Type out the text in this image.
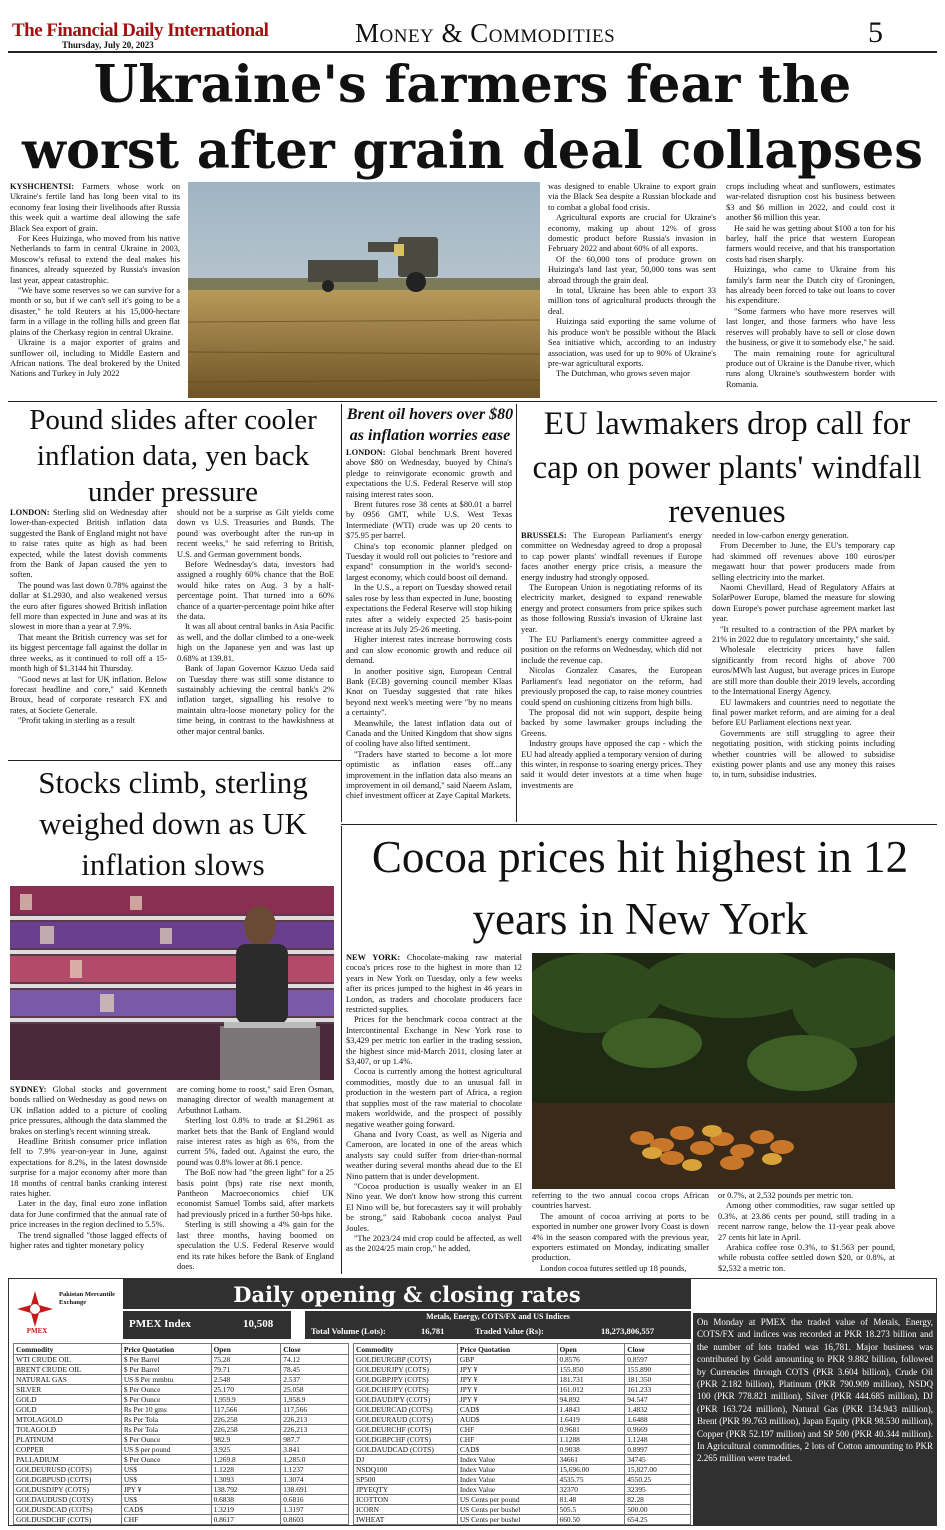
The Financial Daily International
Thursday, July 20, 2023	Money & Commodities	5
Ukraine's farmers fear the worst after grain deal collapses

KYSHCHENTSI: Farmers whose work on Ukraine's fertile land has long been vital to its economy fear losing their livelihoods after Russia this week quit a wartime deal allowing the safe Black Sea export of grain.

For Kees Huizinga, who moved from his native Netherlands to farm in central Ukraine in 2003, Moscow's refusal to extend the deal makes his finances, already squeezed by Russia's invasion last year, appear catastrophic.

"We have some reserves so we can survive for a month or so, but if we can't sell it's going to be a disaster," he told Reuters at his 15,000-hectare farm in a village in the rolling hills and green flat plains of the Cherkasy region in central Ukraine.

Ukraine is a major exporter of grains and sunflower oil, including to Middle Eastern and African nations. The deal brokered by the United Nations and Turkey in July 2022

was designed to enable Ukraine to export grain via the Black Sea despite a Russian blockade and to combat a global food crisis.

Agricultural exports are crucial for Ukraine's economy, making up about 12% of gross domestic product before Russia's invasion in February 2022 and about 60% of all exports.

Of the 60,000 tons of produce grown on Huizinga's land last year, 50,000 tons was sent abroad through the grain deal.

In total, Ukraine has been able to export 33 million tons of agricultural products through the deal.

Huizinga said exporting the same volume of his produce won't be possible without the Black Sea initiative which, according to an industry association, was used for up to 90% of Ukraine's pre-war agricultural exports.

The Dutchman, who grows seven major

crops including wheat and sunflowers, estimates war-related disruption cost his business between $3 and $6 million in 2022, and could cost it another $6 million this year.

He said he was getting about $100 a ton for his barley, half the price that western European farmers would receive, and that his transportation costs had risen sharply.

Huizinga, who came to Ukraine from his family's farm near the Dutch city of Groningen, has already been forced to take out loans to cover his expenditure.

"Some farmers who have more reserves will last longer, and those farmers who have less reserves will probably have to sell or close down the business, or give it to somebody else," he said.

The main remaining route for agricultural produce out of Ukraine is the Danube river, which runs along Ukraine's southwestern border with Romania.

Pound slides after cooler inflation data, yen back under pressure

LONDON: Sterling slid on Wednesday after lower-than-expected British inflation data suggested the Bank of England might not have to raise rates quite as high as had been expected, while the latest dovish comments from the Bank of Japan caused the yen to soften.

The pound was last down 0.78% against the dollar at $1.2930, and also weakened versus the euro after figures showed British inflation fell more than expected in June and was at its slowest in more than a year at 7.9%.

That meant the British currency was set for its biggest percentage fall against the dollar in three weeks, as it continued to roll off a 15-month high of $1.3144 hit Thursday.

"Good news at last for UK inflation. Below forecast headline and core," said Kenneth Broux, head of corporate research FX and rates, at Societe Generale.

"Profit taking in sterling as a result

should not be a surprise as Gilt yields come down vs U.S. Treasuries and Bunds. The pound was overbought after the run-up in recent weeks," he said referring to British, U.S. and German government bonds.

Before Wednesday's data, investors had assigned a roughly 60% chance that the BoE would hike rates on Aug. 3 by a half-percentage point. That turned into a 60% chance of a quarter-percentage point hike after the data.

It was all about central banks in Asia Pacific as well, and the dollar climbed to a one-week high on the Japanese yen and was last up 0.68% at 139.81.

Bank of Japan Governor Kazuo Ueda said on Tuesday there was still some distance to sustainably achieving the central bank's 2% inflation target, signalling his resolve to maintain ultra-loose monetary policy for the time being, in contrast to the hawkishness at other major central banks.

Brent oil hovers over $80 as inflation worries ease

LONDON: Global benchmark Brent hovered above $80 on Wednesday, buoyed by China's pledge to reinvigorate economic growth and expectations the U.S. Federal Reserve will stop raising interest rates soon.

Brent futures rose 38 cents at $80.01 a barrel by 0956 GMT, while U.S. West Texas Intermediate (WTI) crude was up 20 cents to $75.95 per barrel.

China's top economic planner pledged on Tuesday it would roll out policies to "restore and expand" consumption in the world's second-largest economy, which could boost oil demand.

In the U.S., a report on Tuesday showed retail sales rose by less than expected in June, boosting expectations the Federal Reserve will stop hiking rates after a widely expected 25 basis-point increase at its July 25-26 meeting.

Higher interest rates increase borrowing costs and can slow economic growth and reduce oil demand.

In another positive sign, European Central Bank (ECB) governing council member Klaas Knot on Tuesday suggested that rate hikes beyond next week's meeting were "by no means a certainty".

Meanwhile, the latest inflation data out of Canada and the United Kingdom that show signs of cooling have also lifted sentiment.

"Traders have started to become a lot more optimistic as inflation eases off...any improvement in the inflation data also means an improvement in oil demand," said Naeem Aslam, chief investment officer at Zaye Capital Markets.

EU lawmakers drop call for cap on power plants' windfall revenues

BRUSSELS: The European Parliament's energy committee on Wednesday agreed to drop a proposal to cap power plants' windfall revenues if Europe faces another energy price crisis, a measure the energy industry had strongly opposed.

The European Union is negotiating reforms of its electricity market, designed to expand renewable energy and protect consumers from price spikes such as those following Russia's invasion of Ukraine last year.

The EU Parliament's energy committee agreed a position on the reforms on Wednesday, which did not include the revenue cap.

Nicolas Gonzalez Casares, the European Parliament's lead negotiator on the reform, had previously proposed the cap, to raise money countries could spend on cushioning citizens from high bills.

The proposal did not win support, despite being backed by some lawmaker groups including the Greens.

Industry groups have opposed the cap - which the EU had already applied a temporary version of during this winter, in response to soaring energy prices. They said it would deter investors at a time when huge investments are

needed in low-carbon energy generation.

From December to June, the EU's temporary cap had skimmed off revenues above 180 euros/per megawatt hour that power producers made from selling electricity into the market.

Naomi Chevillard, Head of Regulatory Affairs at SolarPower Europe, blamed the measure for slowing down Europe's power purchase agreement market last year.

"It resulted to a contraction of the PPA market by 21% in 2022 due to regulatory uncertainty," she said.

Wholesale electricity prices have fallen significantly from record highs of above 700 euros/MWh last August, but average prices in Europe are still more than double their 2019 levels, according to the International Energy Agency.

EU lawmakers and countries need to negotiate the final power market reform, and are aiming for a deal before EU Parliament elections next year.

Governments are still struggling to agree their negotiating position, with sticking points including whether countries will be allowed to subsidise existing power plants and use any money this raises to, in turn, subsidise industries.

Stocks climb, sterling weighed down as UK inflation slows

SYDNEY: Global stocks and government bonds rallied on Wednesday as good news on UK inflation added to a picture of cooling price pressures, although the data slammed the brakes on sterling's recent winning streak.

Headline British consumer price inflation fell to 7.9% year-on-year in June, against expectations for 8.2%, in the latest downside surprise for a major economy after more than 18 months of central banks cranking interest rates higher.

Later in the day, final euro zone inflation data for June confirmed that the annual rate of price increases in the region declined to 5.5%.

The trend signalled "those lagged effects of higher rates and tighter monetary policy

are coming home to roost," said Eren Osman, managing director of wealth management at Arbuthnot Latham.

Sterling lost 0.8% to trade at $1.2961 as market bets that the Bank of England would raise interest rates as high as 6%, from the current 5%, faded out. Against the euro, the pound was 0.8% lower at 86.1 pence.

The BoE now had "the green light" for a 25 basis point (bps) rate rise next month, Pantheon Macroeconomics chief UK economist Samuel Tombs said, after markets had previously priced in a further 50-bps hike.

Sterling is still showing a 4% gain for the last three months, having boomed on speculation the U.S. Federal Reserve would end its rate hikes before the Bank of England does.

Cocoa prices hit highest in 12 years in New York

NEW YORK: Chocolate-making raw material cocoa's prices rose to the highest in more than 12 years in New York on Tuesday, only a few weeks after its prices jumped to the highest in 46 years in London, as traders and chocolate producers face restricted supplies.

Prices for the benchmark cocoa contract at the Intercontinental Exchange in New York rose to $3,429 per metric ton earlier in the trading session, the highest since mid-March 2011, closing later at $3,407, or up 1.4%.

Cocoa is currently among the hottest agricultural commodities, mostly due to an unusual fall in production in the western part of Africa, a region that supplies most of the raw material to chocolate makers worldwide, and the prospect of possibly negative weather going forward.

Ghana and Ivory Coast, as well as Nigeria and Cameroon, are located in one of the areas which analysts say could suffer from drier-than-normal weather during several months ahead due to the El Nino pattern that is under development.

"Cocoa production is usually weaker in an El Nino year. We don't know how strong this current El Nino will be, but forecasters say it will probably be strong," said Rabobank cocoa analyst Paul Joules.

"The 2023/24 mid crop could be affected, as well as the 2024/25 main crop," he added,

referring to the two annual cocoa crops African countries harvest.

The amount of cocoa arriving at ports to be exported in number one grower Ivory Coast is down 4% in the season compared with the previous year, exporters estimated on Monday, indicating smaller production.

London cocoa futures settled up 18 pounds,

or 0.7%, at 2,532 pounds per metric ton.

Among other commodities, raw sugar settled up 0.3%, at 23.86 cents per pound, still trading in a recent narrow range, below the 11-year peak above 27 cents hit late in April.

Arabica coffee rose 0.3%, to $1.563 per pound, while robusta coffee settled down $20, or 0.8%, at $2,532 a metric ton.

Pakistan Mercantile Exchange
PMEX
Daily opening & closing rates
PMEX Index	10,508
Metals, Energy, COTS/FX and US Indices
Total Volume (Lots):	16,781	Traded Value (Rs):	18,273,806,557
Commodity	Price Quotation	Open	Close
WTI CRUDE OIL	$ Per Barrel	75.28	74.12
BRENT CRUDE OIL	$ Per Barrel	79.71	78.45
NATURAL GAS	US $ Per mmbtu	2.548	2.537
SILVER	$ Per Ounce	25.170	25.058
GOLD	$ Per Ounce	1,959.9	1,958.9
GOLD	Rs Per 10 gms	117,566	117,566
MTOLAGOLD	Rs Per Tola	226,258	226,213
TOLAGOLD	Rs Per Tola	226,258	226,213
PLATINUM	$ Per Ounce	982.9	987.7
COPPER	US $ per pound	3.925	3.841
PALLADIUM	$ Per Ounce	1,269.8	1,285.0
GOLDEURUSD (COTS)	US$	1.1228	1.1237
GOLDGBPUSD (COTS)	US$	1.3093	1.3074
GOLDUSDJPY (COTS)	JPY ¥	138.792	138.691
GOLDAUDUSD (COTS)	US$	0.6838	0.6816
GOLDUSDCAD (COTS)	CAD$	1.3219	1.3197
GOLDUSDCHF (COTS)	CHF	0.8617	0.8603
Commodity	Price Quotation	Open	Close
GOLDEURGBP (COTS)	GBP	0.8576	0.8597
GOLDEURJPY (COTS)	JPY ¥	155.850	155.890
GOLDGBPJPY (COTS)	JPY ¥	181.731	181.350
GOLDCHFJPY (COTS)	JPY ¥	161.012	161.233
GOLDAUDJPY (COTS)	JPY ¥	94.892	94.547
GOLDEURCAD (COTS)	CAD$	1.4843	1.4832
GOLDEURAUD (COTS)	AUD$	1.6419	1.6488
GOLDEURCHF (COTS)	CHF	0.9681	0.9669
GOLDGBPCHF (COTS)	CHF	1.1288	1.1248
GOLDAUDCAD (COTS)	CAD$	0.9038	0.8997
DJ	Index Value	34661	34745
NSDQ100	Index Value	15,696.00	15,827.00
SP500	Index Value	4535.75	4550.25
JPYEQTY	Index Value	32370	32395
ICOTTON	US Cents per pound	81.48	82.28
ICORN	US Cents per bushel	505.5	500.00
IWHEAT	US Cents per bushel	660.50	654.25
On Monday at PMEX the traded value of Metals, Energy, COTS/FX and indices was recorded at PKR 18.273 billion and the number of lots traded was 16,781. Major business was contributed by Gold amounting to PKR 9.882 billion, followed by Currencies through COTS (PKR 3.604 billion), Crude Oil (PKR 2.182 billion), Platinum (PKR 790.909 million), NSDQ 100 (PKR 778.821 million), Silver (PKR 444.685 million), DJ (PKR 163.724 million), Natural Gas (PKR 134.943 million), Brent (PKR 99.763 million), Japan Equity (PKR 98.530 million), Copper (PKR 52.197 million) and SP 500 (PKR 40.344 million). In Agricultural commodities, 2 lots of Cotton amounting to PKR 2.265 million were traded.
